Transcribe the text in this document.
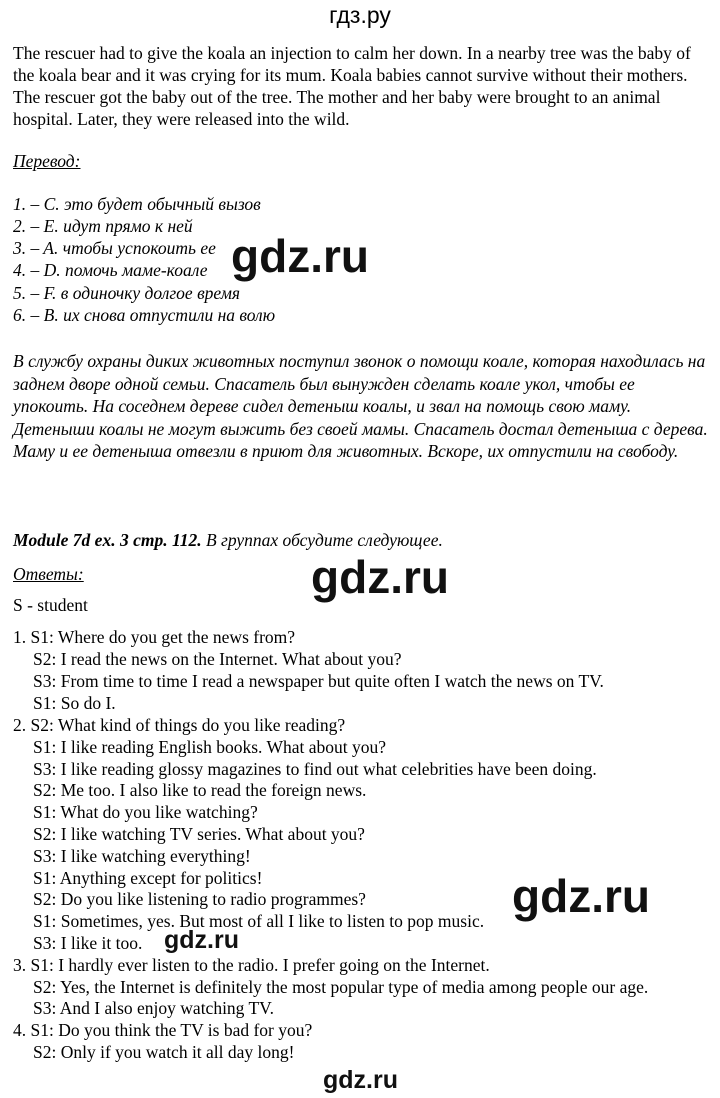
гдз.ру

The rescuer had to give the koala an injection to calm her down. In a nearby tree was the baby of the koala bear and it was crying for its mum. Koala babies cannot survive without their mothers. The rescuer got the baby out of the tree. The mother and her baby were brought to an animal hospital. Later, they were released into the wild.

Перевод:
1. – С. это будет обычный вызов
2. – E. идут прямо к ней
3. – A. чтобы успокоить ее
4. – D. помочь маме-коале
5. – F. в одиночку долгое время
6. – B. их снова отпустили на волю

В службу охраны диких животных поступил звонок о помощи коале, которая находилась на заднем дворе одной семьи. Спасатель был вынужден сделать коале укол, чтобы ее упокоить. На соседнем дереве сидел детеныш коалы, и звал на помощь свою маму. Детеныши коалы не могут выжить без своей мамы. Спасатель достал детеныша с дерева. Маму и ее детеныша отвезли в приют для животных. Вскоре, их отпустили на свободу.

Module 7d ex. 3 стр. 112. В группах обсудите следующее.
Ответы:
S - student
1. S1: Where do you get the news from?
S2: I read the news on the Internet. What about you?
S3: From time to time I read a newspaper but quite often I watch the news on TV.
S1: So do I.
2. S2: What kind of things do you like reading?
S1: I like reading English books. What about you?
S3: I like reading glossy magazines to find out what celebrities have been doing.
S2: Me too. I also like to read the foreign news.
S1: What do you like watching?
S2: I like watching TV series. What about you?
S3: I like watching everything!
S1: Anything except for politics!
S2: Do you like listening to radio programmes?
S1: Sometimes, yes. But most of all I like to listen to pop music.
S3: I like it too.
3. S1: I hardly ever listen to the radio. I prefer going on the Internet.
S2: Yes, the Internet is definitely the most popular type of media among people our age.
S3: And I also enjoy watching TV.
4. S1: Do you think the TV is bad for you?
S2: Only if you watch it all day long!
gdz.ru
gdz.ru
gdz.ru
gdz.ru
gdz.ru
